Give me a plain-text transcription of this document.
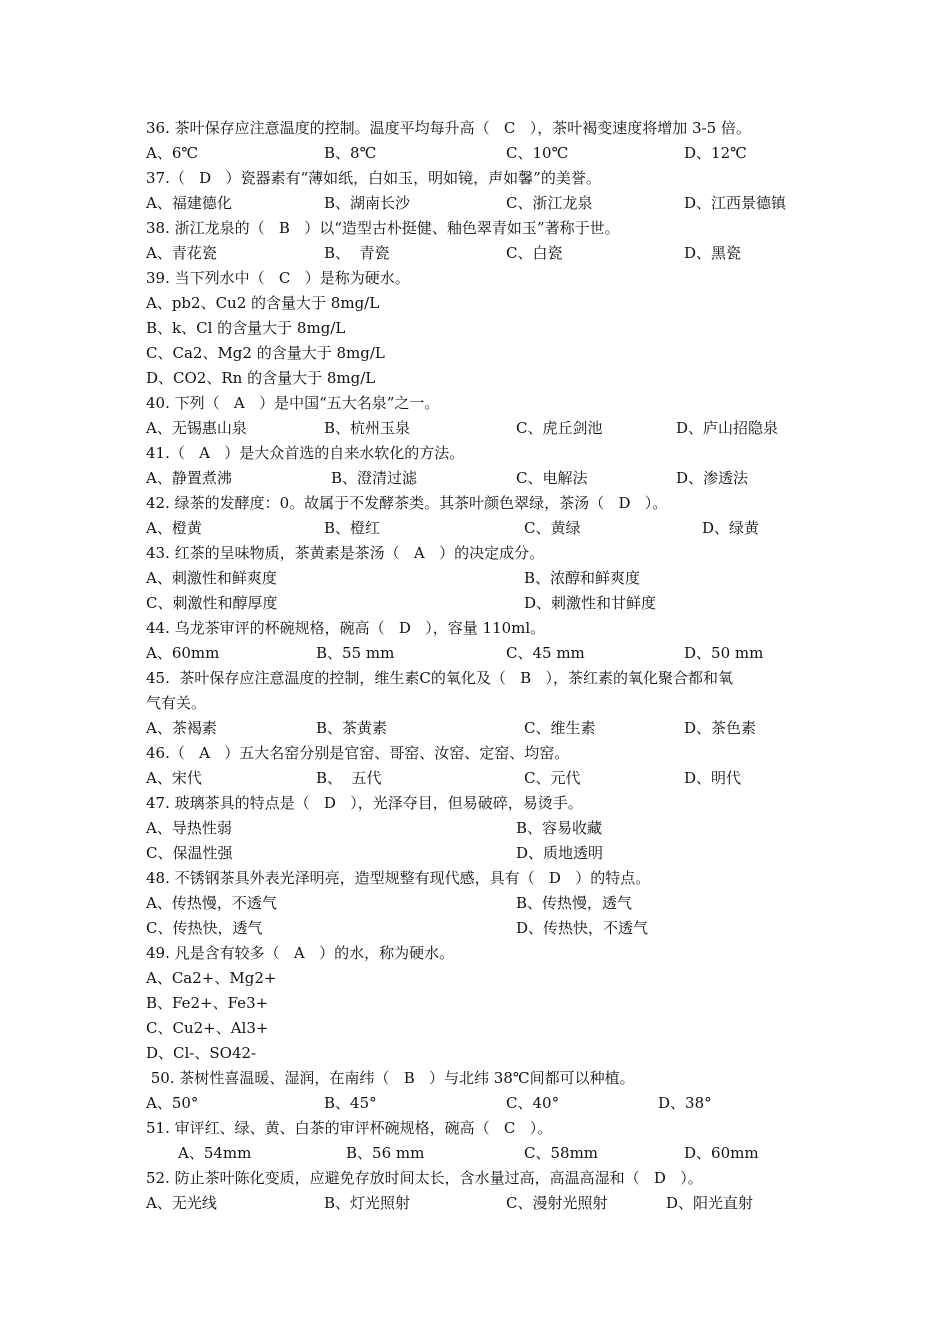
36. 茶叶保存应注意温度的控制。温度平均每升高（   C   ），茶叶褐变速度将增加 3-5 倍。

A、6℃

	B、8℃

	C、10℃

	D、12℃

37.（   D   ）瓷器素有“薄如纸，白如玉，明如镜，声如馨”的美誉。

A、福建德化

	B、湖南长沙

	C、浙江龙泉

	D、江西景德镇

38. 浙江龙泉的（   B   ）以“造型古朴挺健、釉色翠青如玉”著称于世。

A、青花瓷

	B、  青瓷

	C、白瓷

	D、黑瓷

39. 当下列水中（   C   ）是称为硬水。
A、pb2、Cu2 的含量大于 8mg/L
B、k、Cl 的含量大于 8mg/L
C、Ca2、Mg2 的含量大于 8mg/L
D、CO2、Rn 的含量大于 8mg/L
40. 下列（   A   ）是中国“五大名泉”之一。

A、无锡惠山泉

	B、杭州玉泉

	C、虎丘剑池

	D、庐山招隐泉

41.（   A   ）是大众首选的自来水软化的方法。

A、静置煮沸

	B、澄清过滤

	C、电解法

	D、渗透法

42. 绿茶的发酵度：0。故属于不发酵茶类。其茶叶颜色翠绿，茶汤（   D   ）。

A、橙黄

	B、橙红

	C、黄绿

	D、绿黄

43. 红茶的呈味物质，茶黄素是茶汤（   A   ）的决定成分。

A、刺激性和鲜爽度

	B、浓醇和鲜爽度

C、刺激性和醇厚度

	D、刺激性和甘鲜度

44. 乌龙茶审评的杯碗规格，碗高（   D   ），容量 110ml。

A、60mm

	B、55 mm

	C、45 mm

	D、50 mm

45.  茶叶保存应注意温度的控制，维生素C的氧化及（   B   ），茶红素的氧化聚合都和氧
气有关。

A、茶褐素

	B、茶黄素

	C、维生素

	D、茶色素

46.（   A   ）五大名窑分别是官窑、哥窑、汝窑、定窑、均窑。

A、宋代

	B、  五代

	C、元代

	D、明代

47. 玻璃茶具的特点是（   D   ），光泽夺目，但易破碎，易烫手。

A、导热性弱

	B、容易收藏

C、保温性强

	D、质地透明

48. 不锈钢茶具外表光泽明亮，造型规整有现代感，具有（   D   ）的特点。

A、传热慢，不透气

	B、传热慢，透气

C、传热快，透气

	D、传热快，不透气

49. 凡是含有较多（   A   ）的水，称为硬水。
A、Ca2+、Mg2+
B、Fe2+、Fe3+
C、Cu2+、Al3+
D、Cl-、SO42-
50. 茶树性喜温暖、湿润，在南纬（   B   ）与北纬 38℃间都可以种植。

A、50°

	B、45°

	C、40°

	D、38°

51. 审评红、绿、黄、白茶的审评杯碗规格，碗高（   C   ）。

A、54mm

	B、56 mm

	C、58mm

	D、60mm

52. 防止茶叶陈化变质，应避免存放时间太长，含水量过高，高温高湿和（   D   ）。

A、无光线

	B、灯光照射

	C、漫射光照射

	D、阳光直射
